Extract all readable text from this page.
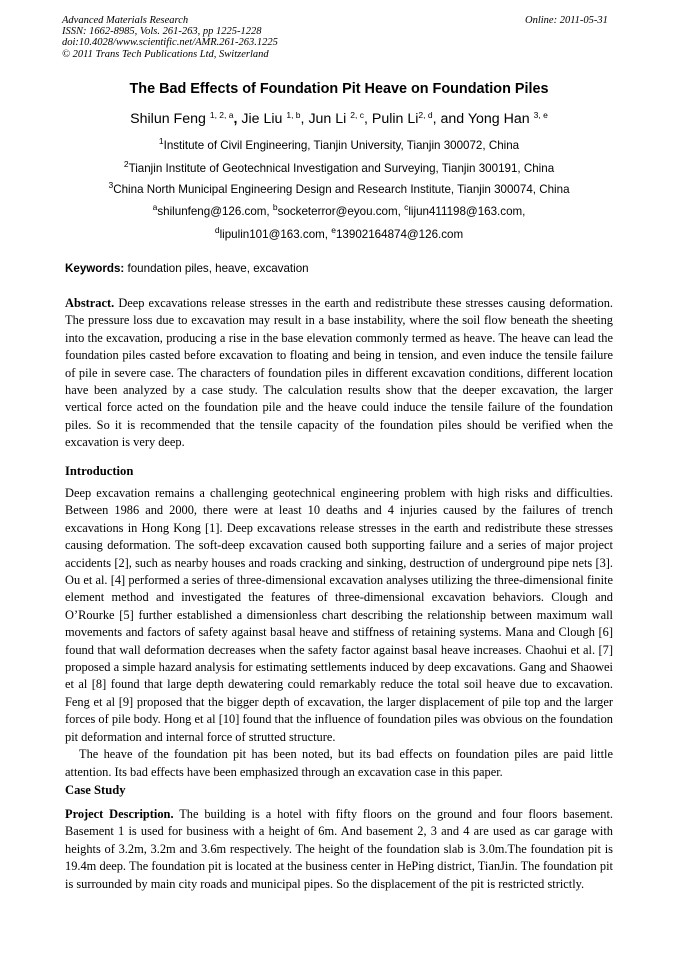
Advanced Materials Research
ISSN: 1662-8985, Vols. 261-263, pp 1225-1228
doi:10.4028/www.scientific.net/AMR.261-263.1225
© 2011 Trans Tech Publications Ltd, Switzerland
Online: 2011-05-31
The Bad Effects of Foundation Pit Heave on Foundation Piles
Shilun Feng $^{1, 2, a}$, Jie Liu $^{1, b}$, Jun Li $^{2, c}$, Pulin Li$^{2, d}$, and Yong Han $^{3, e}$
$^1$Institute of Civil Engineering, Tianjin University, Tianjin 300072, China
$^2$Tianjin Institute of Geotechnical Investigation and Surveying, Tianjin 300191, China
$^3$China North Municipal Engineering Design and Research Institute, Tianjin 300074, China
$^a$shilunfeng@126.com, $^b$socketerror@eyou.com, $^c$lijun411198@163.com,
$^d$lipulin101@163.com, $^e$13902164874@126.com
Keywords: foundation piles, heave, excavation

Abstract. Deep excavations release stresses in the earth and redistribute these stresses causing deformation. The pressure loss due to excavation may result in a base instability, where the soil flow beneath the sheeting into the excavation, producing a rise in the base elevation commonly termed as heave. The heave can lead the foundation piles casted before excavation to floating and being in tension, and even induce the tensile failure of pile in severe case. The characters of foundation piles in different excavation conditions, different location have been analyzed by a case study. The calculation results show that the deeper excavation, the larger vertical force acted on the foundation pile and the heave could induce the tensile failure of the foundation piles. So it is recommended that the tensile capacity of the foundation piles should be verified when the excavation is very deep.

Introduction

Deep excavation remains a challenging geotechnical engineering problem with high risks and difficulties. Between 1986 and 2000, there were at least 10 deaths and 4 injuries caused by the failures of trench excavations in Hong Kong [1]. Deep excavations release stresses in the earth and redistribute these stresses causing deformation. The soft-deep excavation caused both supporting failure and a series of major project accidents [2], such as nearby houses and roads cracking and sinking, destruction of underground pipe nets [3]. Ou et al. [4] performed a series of three-dimensional excavation analyses utilizing the three-dimensional finite element method and investigated the features of three-dimensional excavation behaviors. Clough and O’Rourke [5] further established a dimensionless chart describing the relationship between maximum wall movements and factors of safety against basal heave and stiffness of retaining systems. Mana and Clough [6] found that wall deformation decreases when the safety factor against basal heave increases. Chaohui et al. [7] proposed a simple hazard analysis for estimating settlements induced by deep excavations. Gang and Shaowei et al [8] found that large depth dewatering could remarkably reduce the total soil heave due to excavation. Feng et al [9] proposed that the bigger depth of excavation, the larger displacement of pile top and the larger forces of pile body. Hong et al [10] found that the influence of foundation piles was obvious on the foundation pit deformation and internal force of strutted structure.

The heave of the foundation pit has been noted, but its bad effects on foundation piles are paid little attention. Its bad effects have been emphasized through an excavation case in this paper.

Case Study

Project Description. The building is a hotel with fifty floors on the ground and four floors basement. Basement 1 is used for business with a height of 6m. And basement 2, 3 and 4 are used as car garage with heights of 3.2m, 3.2m and 3.6m respectively. The height of the foundation slab is 3.0m.The foundation pit is 19.4m deep. The foundation pit is located at the business center in HePing district, TianJin. The foundation pit is surrounded by main city roads and municipal pipes. So the displacement of the pit is restricted strictly.
